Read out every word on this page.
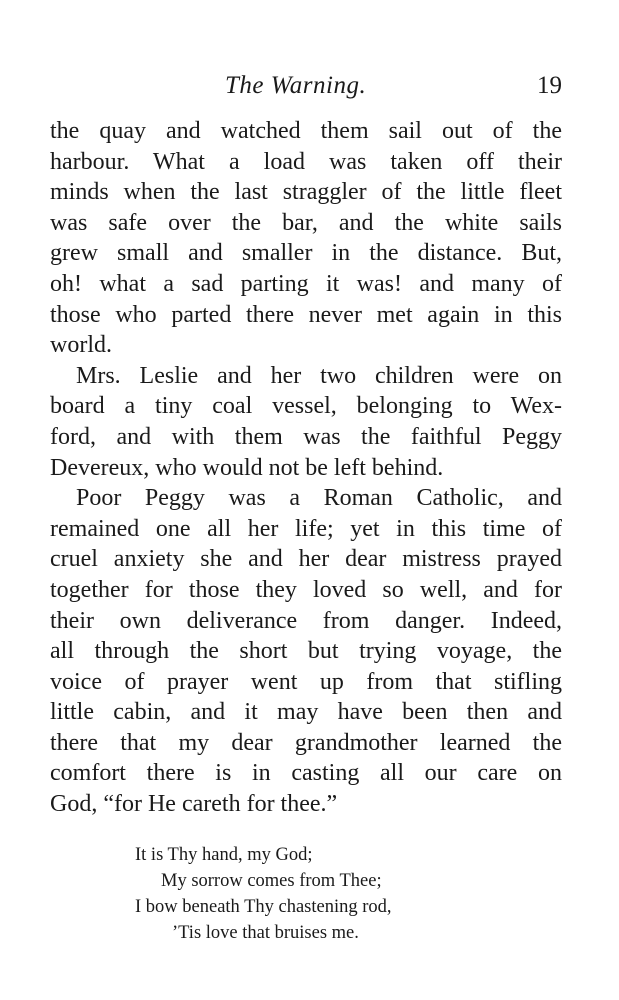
The Warning.	19
the quay and watched them sail out of the
harbour. What a load was taken off their
minds when the last straggler of the little fleet
was safe over the bar, and the white sails
grew small and smaller in the distance. But,
oh! what a sad parting it was! and many of
those who parted there never met again in this
world.
Mrs. Leslie and her two children were on
board a tiny coal vessel, belonging to Wex-
ford, and with them was the faithful Peggy
Devereux, who would not be left behind.
Poor Peggy was a Roman Catholic, and
remained one all her life; yet in this time of
cruel anxiety she and her dear mistress prayed
together for those they loved so well, and for
their own deliverance from danger. Indeed,
all through the short but trying voyage, the
voice of prayer went up from that stifling
little cabin, and it may have been then and
there that my dear grandmother learned the
comfort there is in casting all our care on
God, “for He careth for thee.”
It is Thy hand, my God;
My sorrow comes from Thee;
I bow beneath Thy chastening rod,
’Tis love that bruises me.
